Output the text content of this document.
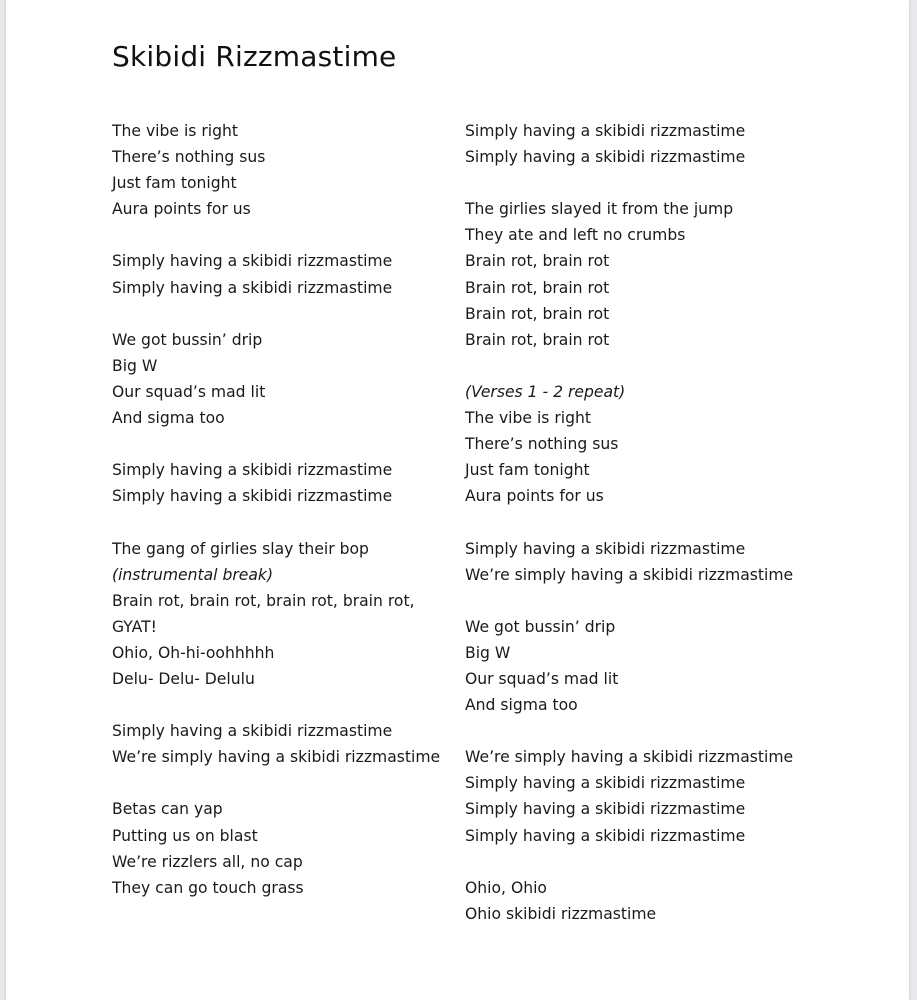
Skibidi Rizzmastime
The vibe is right
There’s nothing sus
Just fam tonight
Aura points for us
Simply having a skibidi rizzmastime
Simply having a skibidi rizzmastime
We got bussin’ drip
Big W
Our squad’s mad lit
And sigma too
Simply having a skibidi rizzmastime
Simply having a skibidi rizzmastime
The gang of girlies slay their bop
(instrumental break)
Brain rot, brain rot, brain rot, brain rot,
GYAT!
Ohio, Oh-hi-oohhhhh
Delu- Delu- Delulu
Simply having a skibidi rizzmastime
We’re simply having a skibidi rizzmastime
Betas can yap
Putting us on blast
We’re rizzlers all, no cap
They can go touch grass
Simply having a skibidi rizzmastime
Simply having a skibidi rizzmastime
The girlies slayed it from the jump
They ate and left no crumbs
Brain rot, brain rot
Brain rot, brain rot
Brain rot, brain rot
Brain rot, brain rot
(Verses 1 - 2 repeat)
The vibe is right
There’s nothing sus
Just fam tonight
Aura points for us
Simply having a skibidi rizzmastime
We’re simply having a skibidi rizzmastime
We got bussin’ drip
Big W
Our squad’s mad lit
And sigma too
We’re simply having a skibidi rizzmastime
Simply having a skibidi rizzmastime
Simply having a skibidi rizzmastime
Simply having a skibidi rizzmastime
Ohio, Ohio
Ohio skibidi rizzmastime
